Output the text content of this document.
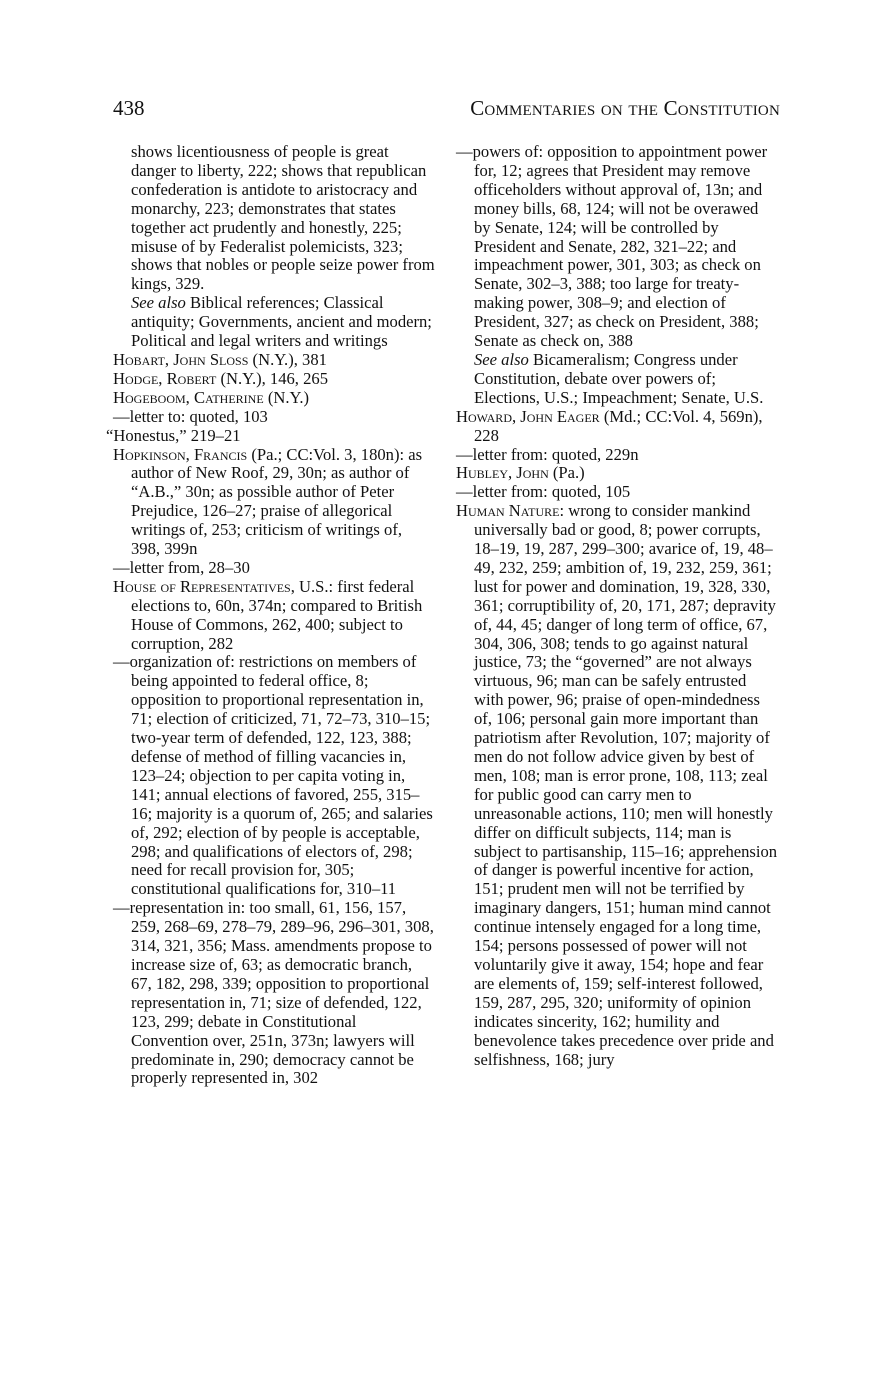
438	Commentaries on the Constitution

shows licentiousness of people is great danger to liberty, 222; shows that republican confederation is antidote to aristocracy and monarchy, 223; demonstrates that states together act prudently and honestly, 225; misuse of by Federalist polemicists, 323; shows that nobles or people seize power from kings, 329.

See also Biblical references; Classical antiquity; Governments, ancient and modern; Political and legal writers and writings

Hobart, John Sloss (N.Y.), 381

Hodge, Robert (N.Y.), 146, 265

Hogeboom, Catherine (N.Y.)

—letter to: quoted, 103

“Honestus,” 219–21

Hopkinson, Francis (Pa.; CC:Vol. 3, 180n): as author of New Roof, 29, 30n; as author of “A.B.,” 30n; as possible author of Peter Prejudice, 126–27; praise of allegorical writings of, 253; criticism of writings of, 398, 399n

—letter from, 28–30

House of Representatives, U.S.: first federal elections to, 60n, 374n; compared to British House of Commons, 262, 400; subject to corruption, 282

—organization of: restrictions on members of being appointed to federal office, 8; opposition to proportional representation in, 71; election of criticized, 71, 72–73, 310–15; two-year term of defended, 122, 123, 388; defense of method of filling vacancies in, 123–24; objection to per capita voting in, 141; annual elections of favored, 255, 315–16; majority is a quorum of, 265; and salaries of, 292; election of by people is acceptable, 298; and qualifications of electors of, 298; need for recall provision for, 305; constitutional qualifications for, 310–11

—representation in: too small, 61, 156, 157, 259, 268–69, 278–79, 289–96, 296–301, 308, 314, 321, 356; Mass. amendments propose to increase size of, 63; as democratic branch, 67, 182, 298, 339; opposition to proportional representation in, 71; size of defended, 122, 123, 299; debate in Constitutional Convention over, 251n, 373n; lawyers will predominate in, 290; democracy cannot be properly represented in, 302

—powers of: opposition to appointment power for, 12; agrees that President may remove officeholders without approval of, 13n; and money bills, 68, 124; will not be overawed by Senate, 124; will be controlled by President and Senate, 282, 321–22; and impeachment power, 301, 303; as check on Senate, 302–3, 388; too large for treaty-making power, 308–9; and election of President, 327; as check on President, 388; Senate as check on, 388

See also Bicameralism; Congress under Constitution, debate over powers of; Elections, U.S.; Impeachment; Senate, U.S.

Howard, John Eager (Md.; CC:Vol. 4, 569n), 228

—letter from: quoted, 229n

Hubley, John (Pa.)

—letter from: quoted, 105

Human Nature: wrong to consider mankind universally bad or good, 8; power corrupts, 18–19, 19, 287, 299–300; avarice of, 19, 48–49, 232, 259; ambition of, 19, 232, 259, 361; lust for power and domination, 19, 328, 330, 361; corruptibility of, 20, 171, 287; depravity of, 44, 45; danger of long term of office, 67, 304, 306, 308; tends to go against natural justice, 73; the “governed” are not always virtuous, 96; man can be safely entrusted with power, 96; praise of open-mindedness of, 106; personal gain more important than patriotism after Revolution, 107; majority of men do not follow advice given by best of men, 108; man is error prone, 108, 113; zeal for public good can carry men to unreasonable actions, 110; men will honestly differ on difficult subjects, 114; man is subject to partisanship, 115–16; apprehension of danger is powerful incentive for action, 151; prudent men will not be terrified by imaginary dangers, 151; human mind cannot continue intensely engaged for a long time, 154; persons possessed of power will not voluntarily give it away, 154; hope and fear are elements of, 159; self-interest followed, 159, 287, 295, 320; uniformity of opinion indicates sincerity, 162; humility and benevolence takes precedence over pride and selfishness, 168; jury
